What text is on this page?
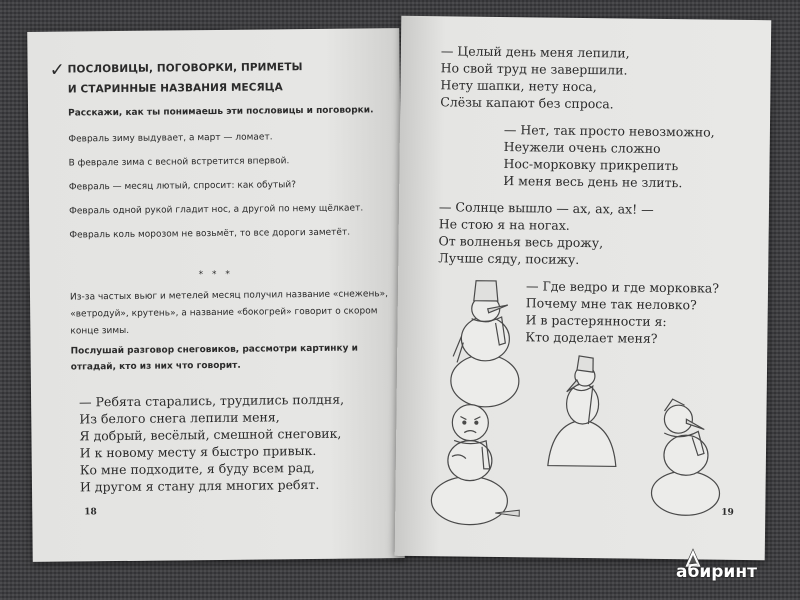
✓ ПОСЛОВИЦЫ, ПОГОВОРКИ, ПРИМЕТЫ
И СТАРИННЫЕ НАЗВАНИЯ МЕСЯЦА
Расскажи, как ты понимаешь эти пословицы и поговорки.

Февраль зиму выдувает, а март — ломает.

В феврале зима с весной встретится впервой.

Февраль — месяц лютый, спросит: как обутый?

Февраль одной рукой гладит нос, а другой по нему щёлкает.

Февраль коль морозом не возьмёт, то все дороги заметёт.

* * *
Из-за частых вьюг и метелей месяц получил название «снежень», «ветродуй», крутень», а название «бокогрей» говорит о скором конце зимы.
Послушай разговор снеговиков, рассмотри картинку и отгадай, кто из них что говорит.
— Ребята старались, трудились полдня,
Из белого снега лепили меня,
Я добрый, весёлый, смешной снеговик,
И к новому месту я быстро привык.
Ко мне подходите, я буду всем рад,
И другом я стану для многих ребят.
18
— Целый день меня лепили,
Но свой труд не завершили.
Нету шапки, нету носа,
Слёзы капают без спроса.
— Нет, так просто невозможно,
Неужели очень сложно
Нос-морковку прикрепить
И меня весь день не злить.
— Солнце вышло — ах, ах, ах! —
Не стою я на ногах.
От волненья весь дрожу,
Лучше сяду, посижу.
— Где ведро и где морковка?
Почему мне так неловко?
И в растерянности я:
Кто доделает меня?
19
абиринт
